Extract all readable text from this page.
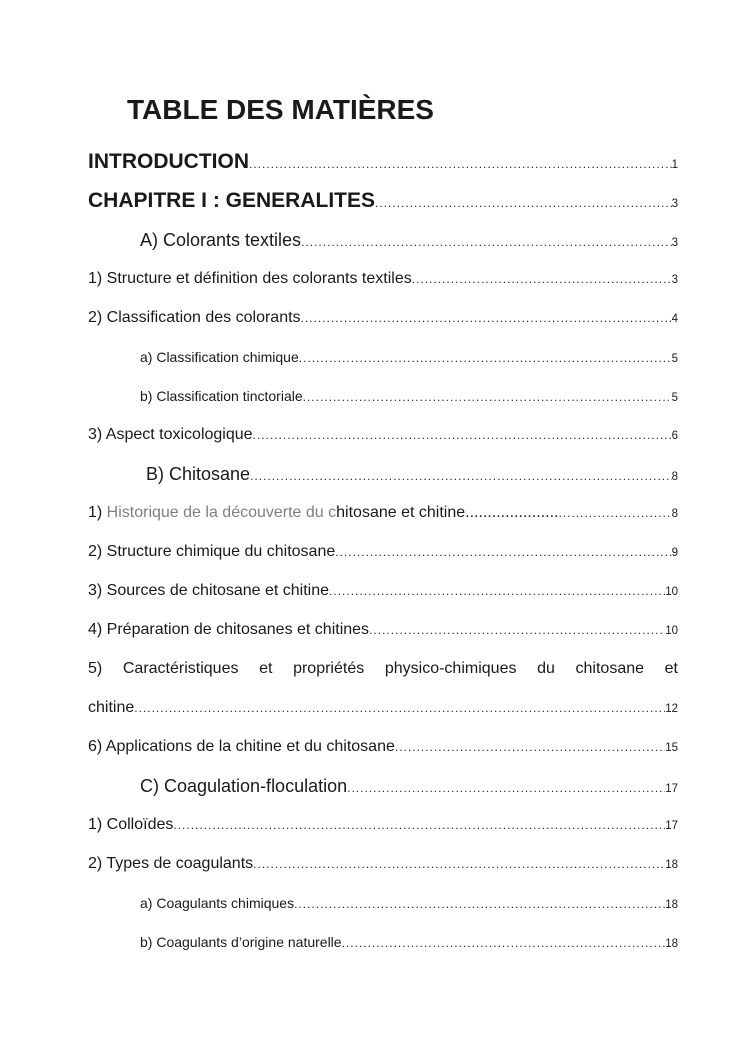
TABLE DES MATIÈRES
INTRODUCTION .....	1
CHAPITRE I : GENERALITES .....	3
A) Colorants textiles .....	3
1) Structure et définition des colorants textiles .....	3
2) Classification des colorants .....	4
a) Classification chimique .....	5
b) Classification tinctoriale .....	5
3) Aspect toxicologique .....	6
B) Chitosane .....	8
1) Historique de la découverte du chitosane et chitine..................... .....	8
2) Structure chimique du chitosane .....	9
3) Sources de chitosane et chitine .....	10
4) Préparation de chitosanes et chitines .....	10
5) Caractéristiques et propriétés physico-chimiques du chitosane et
chitine .....	12
6) Applications de la chitine et du chitosane .....	15
C) Coagulation-floculation .....	17
1) Colloïdes .....	17
2) Types de coagulants .....	18
a) Coagulants chimiques .....	18
b) Coagulants d’origine naturelle .....	18
